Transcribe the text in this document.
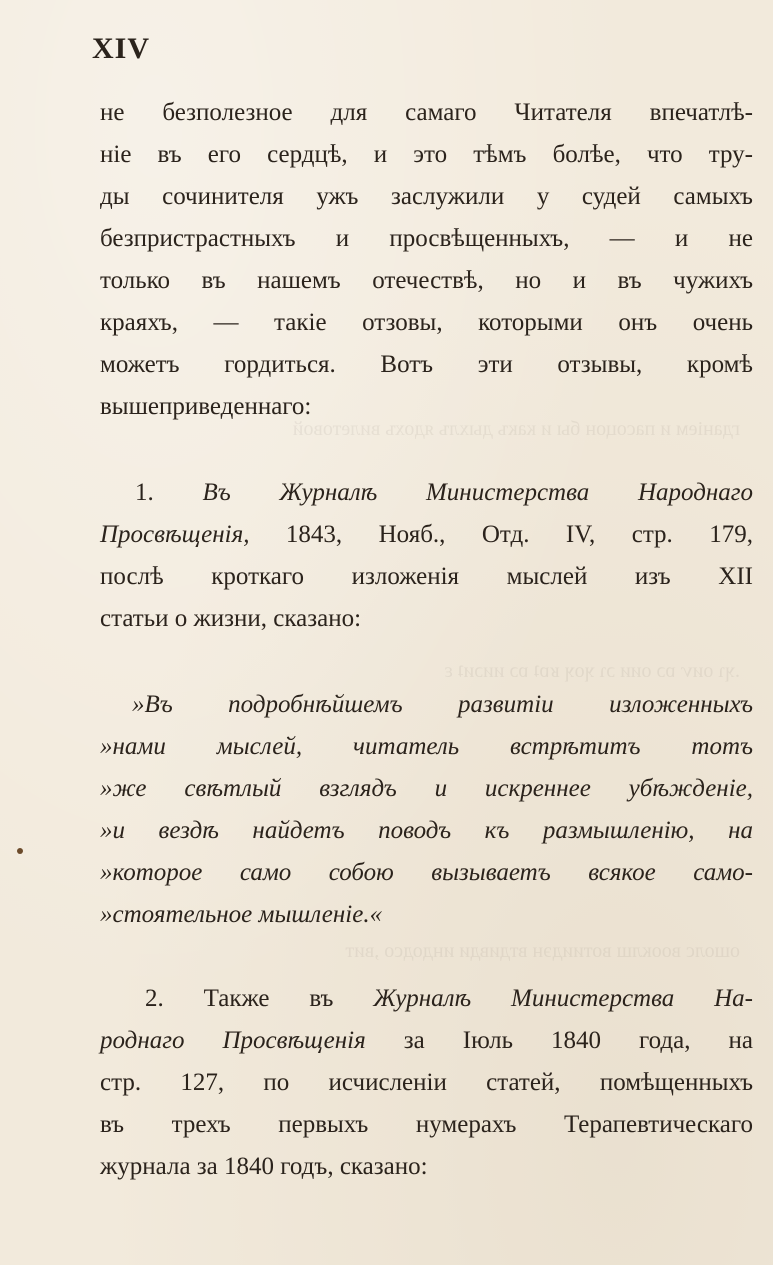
гданіем и пасоцон бы и какъ дыхлъ ядохъ вилетовой
.ʞɿ оиѵ ɒɔ оии ɔɿ ʞоʞ ʁɒʇ ɒɔ ииɔиʇ ɛ
ошолс вооклш вотиидэн втдивди индодсо ,вит
XIV
не безполезное для самаго Читателя впечатлѣ-
ніе въ его сердцѣ, и это тѣмъ болѣе, что тру-
ды сочинителя ужъ заслужили у судей самыхъ
безпристрастныхъ и просвѣщенныхъ, — и не
только въ нашемъ отечествѣ, но и въ чужихъ
краяхъ, — такіе отзовы, которыми онъ очень
можетъ гордиться. Вотъ эти отзывы, кромѣ
вышеприведеннаго:
1. Въ Журналѣ Министерства Народнаго
Просвѣщенія, 1843, Нояб., Отд. IV, стр. 179,
послѣ кроткаго изложенія мыслей изъ XII
статьи о жизни, сказано:
»Въ подробнѣйшемъ развитіи изложенныхъ
»нами мыслей, читатель встрѣтитъ тотъ
»же свѣтлый взглядъ и искреннее убѣжденіе,
»и вездѣ найдетъ поводъ къ размышленію, на
»которое само собою вызываетъ всякое само-
»стоятельное мышленіе.«
2. Также въ Журналѣ Министерства На-
роднаго Просвѣщенія за Іюль 1840 года, на
стр. 127, по исчисленіи статей, помѣщенныхъ
въ трехъ первыхъ нумерахъ Терапевтическаго
журнала за 1840 годъ, сказано:
